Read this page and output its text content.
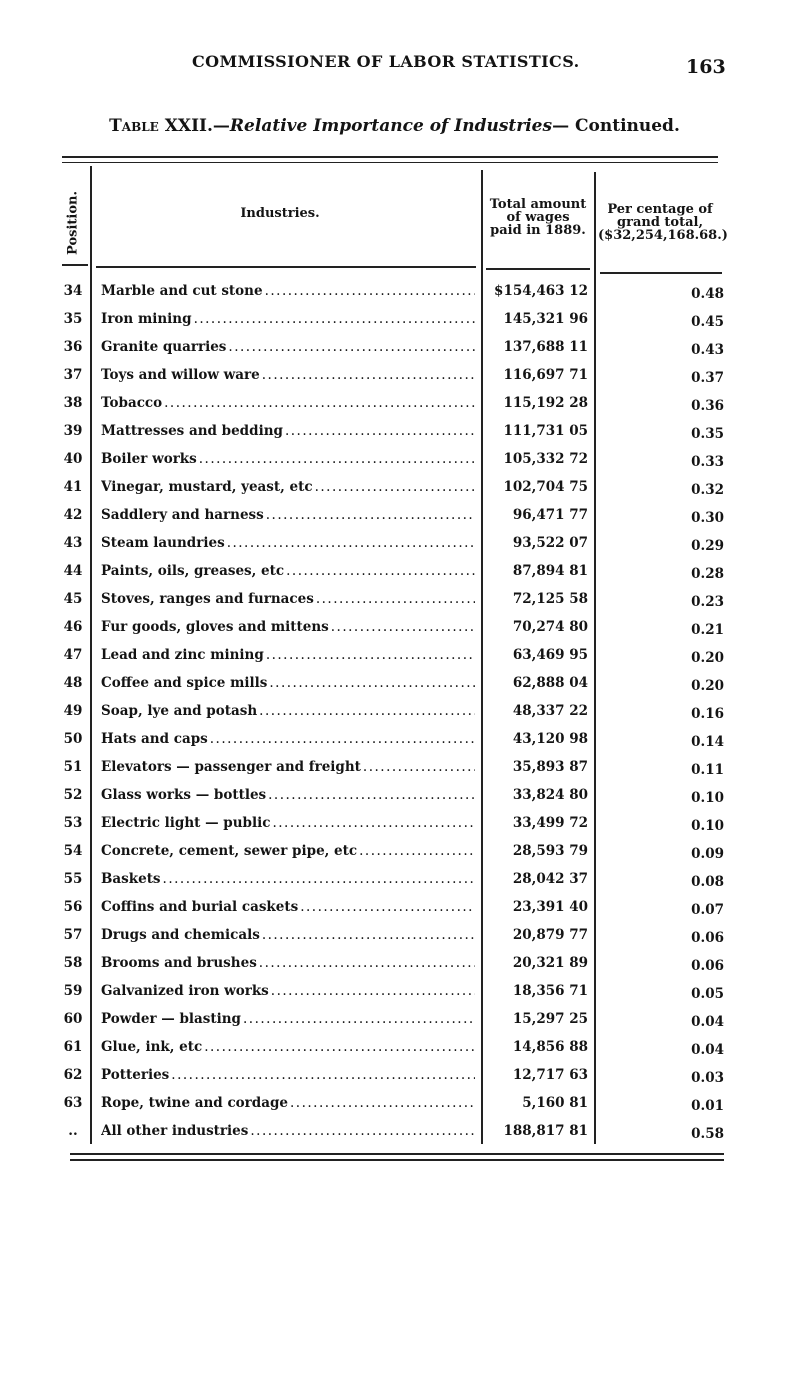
COMMISSIONER OF LABOR STATISTICS.	163
Table XXII.—Relative Importance of Industries— Continued.
Position.	Industries.
Total amount
of wages
paid in 1889.
Per centage of
grand total,
($32,254,168.68.)
34 Marble and cut stone .....	$154,463 12	0.48
35 Iron mining .....	145,321 96	0.45
36 Granite quarries .....	137,688 11	0.43
37 Toys and willow ware .....	116,697 71	0.37
38 Tobacco .....	115,192 28	0.36
39 Mattresses and bedding .....	111,731 05	0.35
40 Boiler works .....	105,332 72	0.33
41 Vinegar, mustard, yeast, etc .....	102,704 75	0.32
42 Saddlery and harness .....	96,471 77	0.30
43 Steam laundries .....	93,522 07	0.29
44 Paints, oils, greases, etc .....	87,894 81	0.28
45 Stoves, ranges and furnaces .....	72,125 58	0.23
46 Fur goods, gloves and mittens .....	70,274 80	0.21
47 Lead and zinc mining .....	63,469 95	0.20
48 Coffee and spice mills .....	62,888 04	0.20
49 Soap, lye and potash .....	48,337 22	0.16
50 Hats and caps .....	43,120 98	0.14
51 Elevators — passenger and freight .....	35,893 87	0.11
52 Glass works — bottles .....	33,824 80	0.10
53 Electric light — public .....	33,499 72	0.10
54 Concrete, cement, sewer pipe, etc .....	28,593 79	0.09
55 Baskets .....	28,042 37	0.08
56 Coffins and burial caskets .....	23,391 40	0.07
57 Drugs and chemicals .....	20,879 77	0.06
58 Brooms and brushes .....	20,321 89	0.06
59 Galvanized iron works .....	18,356 71	0.05
60 Powder — blasting .....	15,297 25	0.04
61 Glue, ink, etc .....	14,856 88	0.04
62 Potteries .....	12,717 63	0.03
63 Rope, twine and cordage .....	5,160 81	0.01
..	All other industries .....	188,817 81	0.58
